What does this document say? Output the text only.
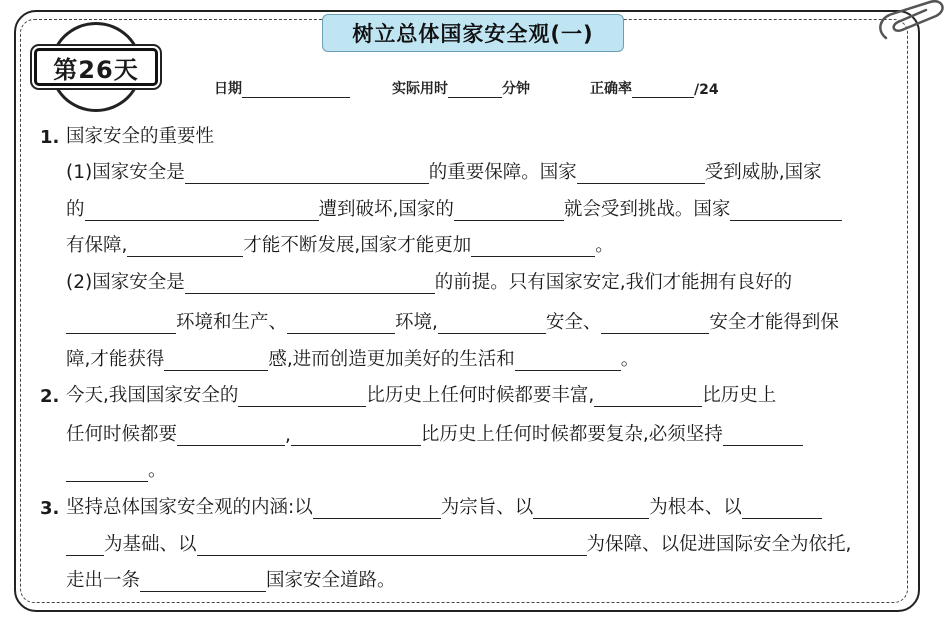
树立总体国家安全观(一)
第26天
日期	实际用时	分钟	正确率	/24
1. 国家安全的重要性
(1)国家安全是	的重要保障。国家	受到威胁,国家
的	遭到破坏,国家的	就会受到挑战。国家
有保障,	才能不断发展,国家才能更加	。
(2)国家安全是	的前提。只有国家安定,我们才能拥有良好的
环境和生产、	环境,	安全、	安全才能得到保
障,才能获得	感,进而创造更加美好的生活和	。
2. 今天,我国国家安全的	比历史上任何时候都要丰富,	比历史上
任何时候都要	,	比历史上任何时候都要复杂,必须坚持
。
3. 坚持总体国家安全观的内涵:以	为宗旨、以	为根本、以
为基础、以	为保障、以促进国际安全为依托,
走出一条	国家安全道路。
